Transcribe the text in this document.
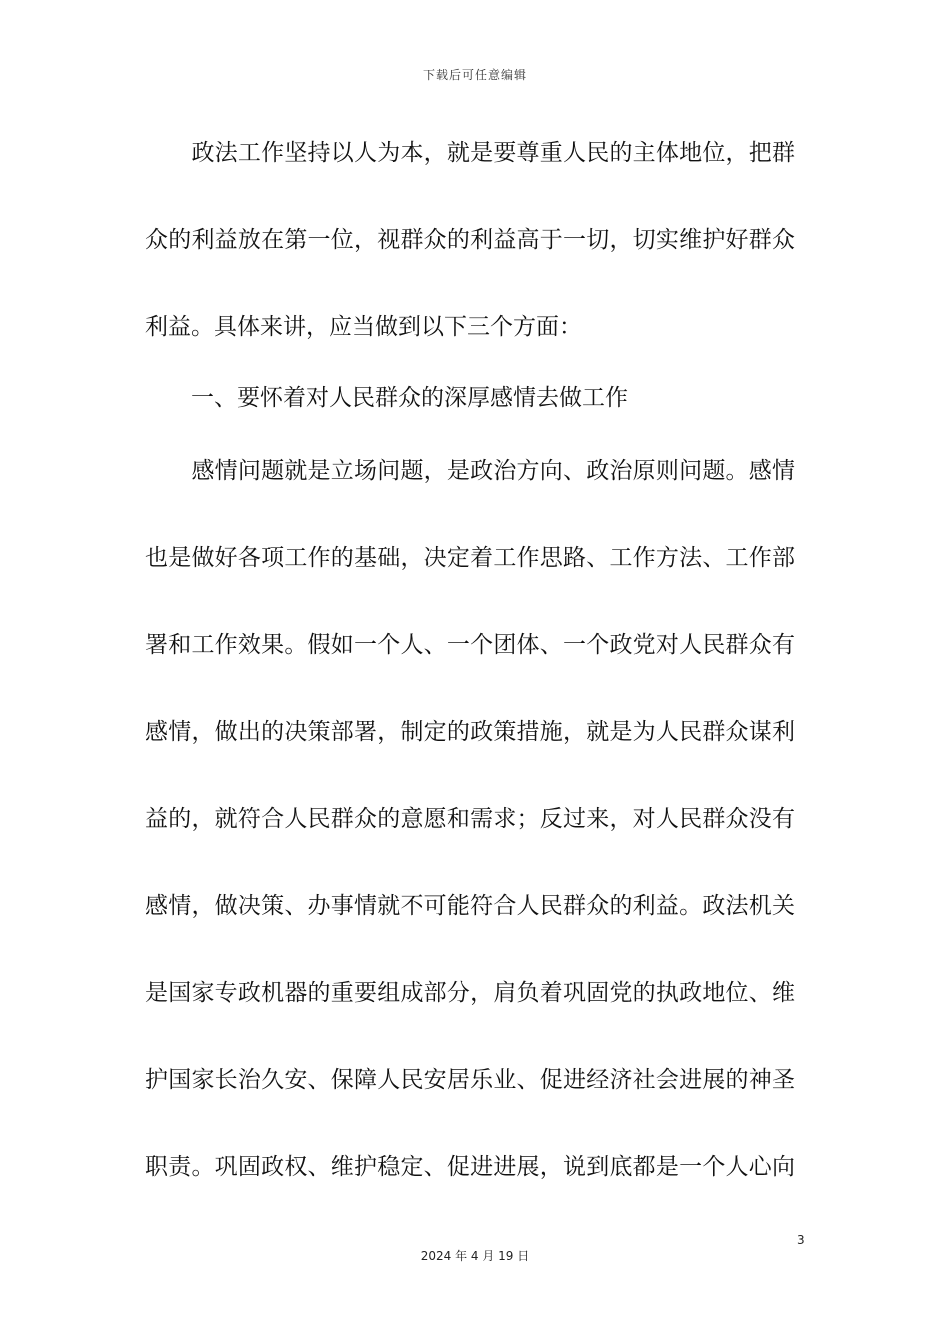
下载后可任意编辑
　　政法工作坚持以人为本，就是要尊重人民的主体地位，把群
众的利益放在第一位，视群众的利益高于一切，切实维护好群众
利益。具体来讲，应当做到以下三个方面：
　　一、要怀着对人民群众的深厚感情去做工作
　　感情问题就是立场问题，是政治方向、政治原则问题。感情
也是做好各项工作的基础，决定着工作思路、工作方法、工作部
署和工作效果。假如一个人、一个团体、一个政党对人民群众有
感情，做出的决策部署，制定的政策措施，就是为人民群众谋利
益的，就符合人民群众的意愿和需求；反过来，对人民群众没有
感情，做决策、办事情就不可能符合人民群众的利益。政法机关
是国家专政机器的重要组成部分，肩负着巩固党的执政地位、维
护国家长治久安、保障人民安居乐业、促进经济社会进展的神圣
职责。巩固政权、维护稳定、促进进展，说到底都是一个人心向
3
2024 年 4 月 19 日
